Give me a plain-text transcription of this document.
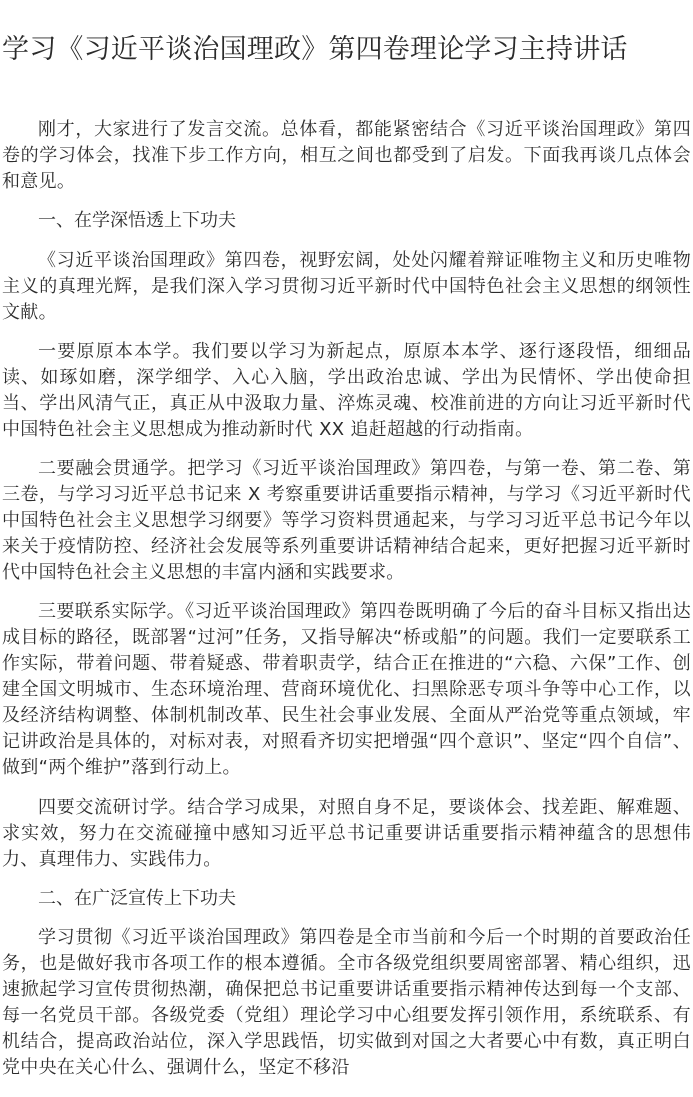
学习《习近平谈治国理政》第四卷理论学习主持讲话

刚才，大家进行了发言交流。总体看，都能紧密结合《习近平谈治国理政》第四卷的学习体会，找准下步工作方向，相互之间也都受到了启发。下面我再谈几点体会和意见。

一、在学深悟透上下功夫

《习近平谈治国理政》第四卷，视野宏阔，处处闪耀着辩证唯物主义和历史唯物主义的真理光辉，是我们深入学习贯彻习近平新时代中国特色社会主义思想的纲领性文献。

一要原原本本学。我们要以学习为新起点，原原本本学、逐行逐段悟，细细品读、如琢如磨，深学细学、入心入脑，学出政治忠诚、学出为民情怀、学出使命担当、学出风清气正，真正从中汲取力量、淬炼灵魂、校准前进的方向让习近平新时代中国特色社会主义思想成为推动新时代 XX 追赶超越的行动指南。

二要融会贯通学。把学习《习近平谈治国理政》第四卷，与第一卷、第二卷、第三卷，与学习习近平总书记来 X 考察重要讲话重要指示精神，与学习《习近平新时代中国特色社会主义思想学习纲要》等学习资料贯通起来，与学习习近平总书记今年以来关于疫情防控、经济社会发展等系列重要讲话精神结合起来，更好把握习近平新时代中国特色社会主义思想的丰富内涵和实践要求。

三要联系实际学。《习近平谈治国理政》第四卷既明确了今后的奋斗目标又指出达成目标的路径，既部署“过河”任务，又指导解决“桥或船”的问题。我们一定要联系工作实际，带着问题、带着疑惑、带着职责学，结合正在推进的“六稳、六保”工作、创建全国文明城市、生态环境治理、营商环境优化、扫黑除恶专项斗争等中心工作，以及经济结构调整、体制机制改革、民生社会事业发展、全面从严治党等重点领域，牢记讲政治是具体的，对标对表，对照看齐切实把增强“四个意识”、坚定“四个自信”、做到“两个维护”落到行动上。

四要交流研讨学。结合学习成果，对照自身不足，要谈体会、找差距、解难题、求实效，努力在交流碰撞中感知习近平总书记重要讲话重要指示精神蕴含的思想伟力、真理伟力、实践伟力。

二、在广泛宣传上下功夫

学习贯彻《习近平谈治国理政》第四卷是全市当前和今后一个时期的首要政治任务，也是做好我市各项工作的根本遵循。全市各级党组织要周密部署、精心组织，迅速掀起学习宣传贯彻热潮，确保把总书记重要讲话重要指示精神传达到每一个支部、每一名党员干部。各级党委（党组）理论学习中心组要发挥引领作用，系统联系、有机结合，提高政治站位，深入学思践悟，切实做到对国之大者要心中有数，真正明白党中央在关心什么、强调什么，坚定不移沿
